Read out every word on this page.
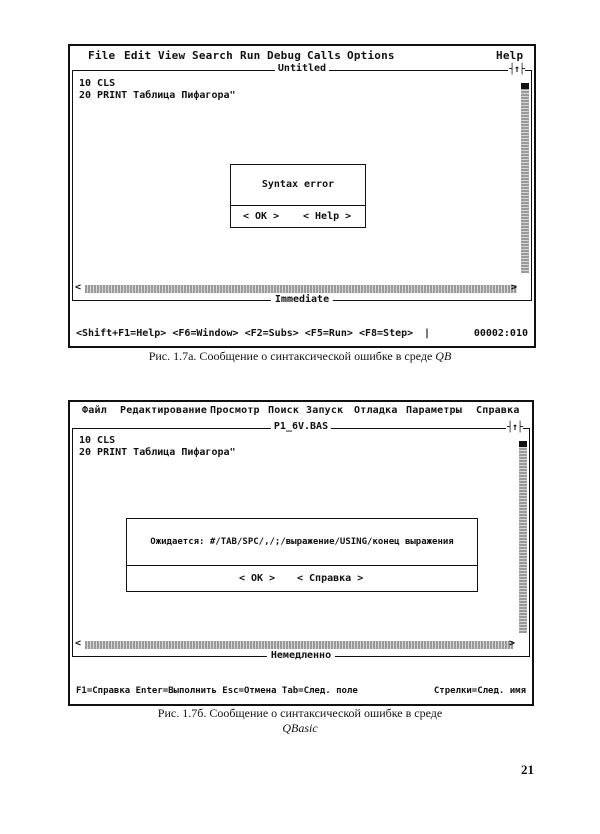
File Edit View Search Run Debug Calls Options	Help
Untitled	┤↑├
10 CLS
20 PRINT Таблица Пифагора"
<	>
Syntax error
< OK > < Help >
Immediate
<Shift+F1=Help> <F6=Window> <F2=Subs> <F5=Run> <F8=Step> |	00002:010
Рис. 1.7а. Сообщение о синтаксической ошибке в среде QB
Файл Редактирование Просмотр Поиск Запуск Отладка Параметры Справка
P1_6V.BAS	┤↑├
10 CLS
20 PRINT Таблица Пифагора"
<	>
Ожидается: #/TAB/SPC/,/;/выражение/USING/конец выражения
< OK > < Справка >
Немедленно
F1=Справка Enter=Выполнить Esc=Отмена Tab=След. поле	Стрелки=След. имя
Рис. 1.7б. Сообщение о синтаксической ошибке в среде
QBasic
21
